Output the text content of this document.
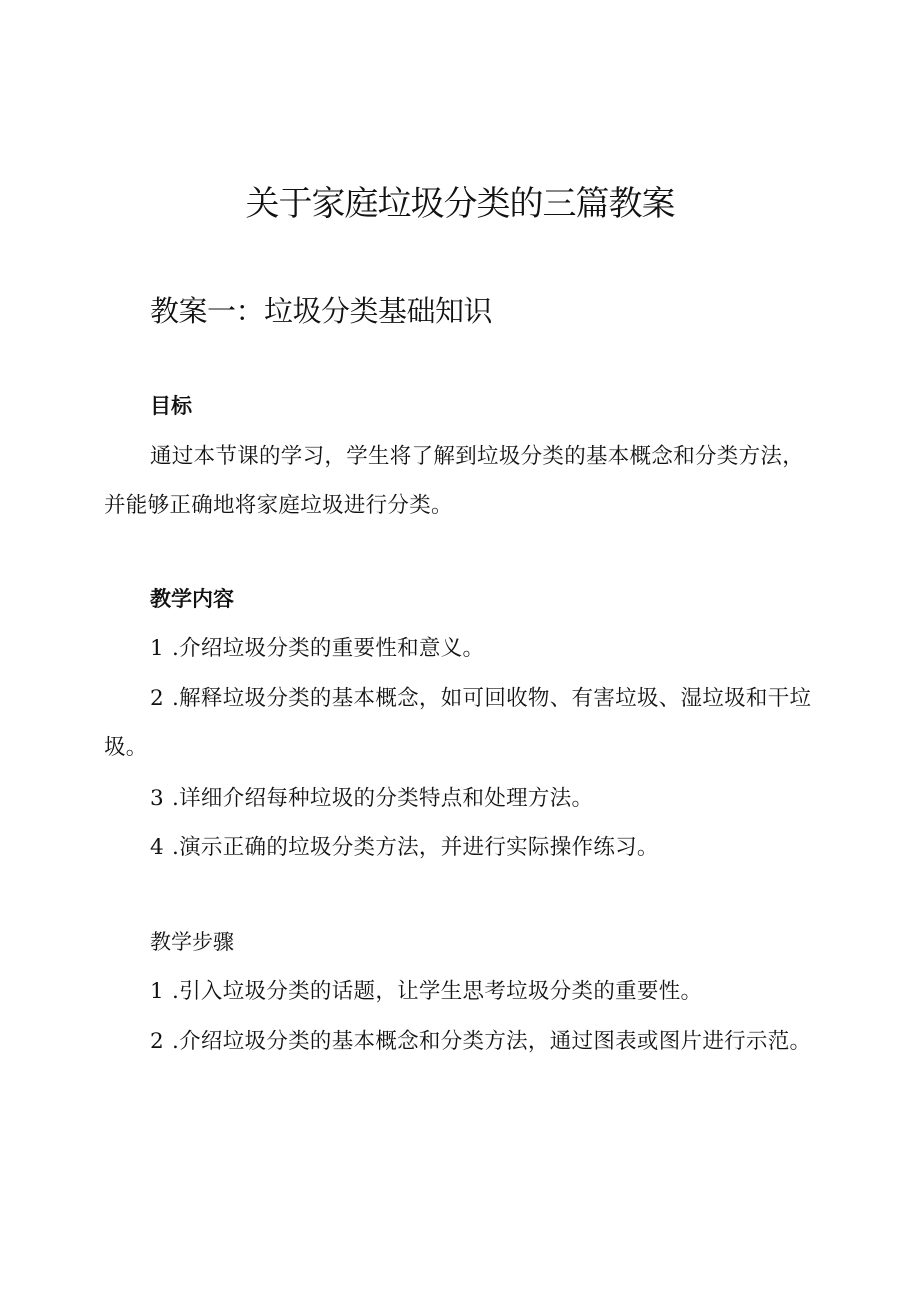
关于家庭垃圾分类的三篇教案
教案一：垃圾分类基础知识
目标

通过本节课的学习，学生将了解到垃圾分类的基本概念和分类方法，并能够正确地将家庭垃圾进行分类。

教学内容

1 .介绍垃圾分类的重要性和意义。

2 .解释垃圾分类的基本概念，如可回收物、有害垃圾、湿垃圾和干垃圾。

3 .详细介绍每种垃圾的分类特点和处理方法。

4 .演示正确的垃圾分类方法，并进行实际操作练习。

教学步骤

1 .引入垃圾分类的话题，让学生思考垃圾分类的重要性。

2 .介绍垃圾分类的基本概念和分类方法，通过图表或图片进行示范。
